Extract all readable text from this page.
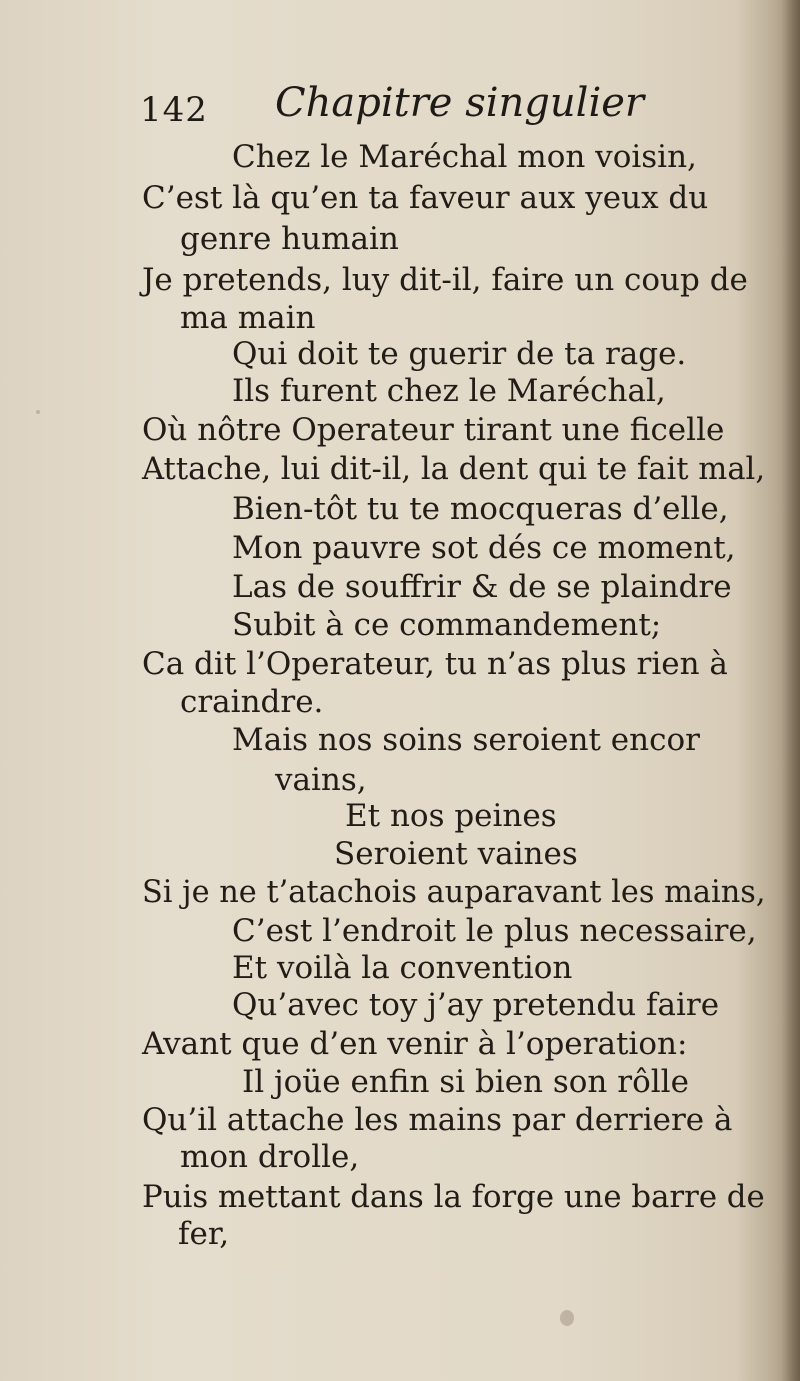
142 Chapitre singulier
Chez le Maréchal mon voisin,
C’est là qu’en ta faveur aux yeux du
genre humain
Je pretends, luy dit-il, faire un coup de
ma main
Qui doit te guerir de ta rage.
Ils furent chez le Maréchal,
Où nôtre Operateur tirant une ficelle
Attache, lui dit-il, la dent qui te fait mal,
Bien-tôt tu te mocqueras d’elle,
Mon pauvre sot dés ce moment,
Las de souffrir & de se plaindre
Subit à ce commandement;
Ca dit l’Operateur, tu n’as plus rien à
craindre.
Mais nos soins seroient encor
vains,
Et nos peines
Seroient vaines
Si je ne t’atachois auparavant les mains,
C’est l’endroit le plus necessaire,
Et voilà la convention
Qu’avec toy j’ay pretendu faire
Avant que d’en venir à l’operation:
Il joüe enfin si bien son rôlle
Qu’il attache les mains par derriere à
mon drolle,
Puis mettant dans la forge une barre de
fer,
